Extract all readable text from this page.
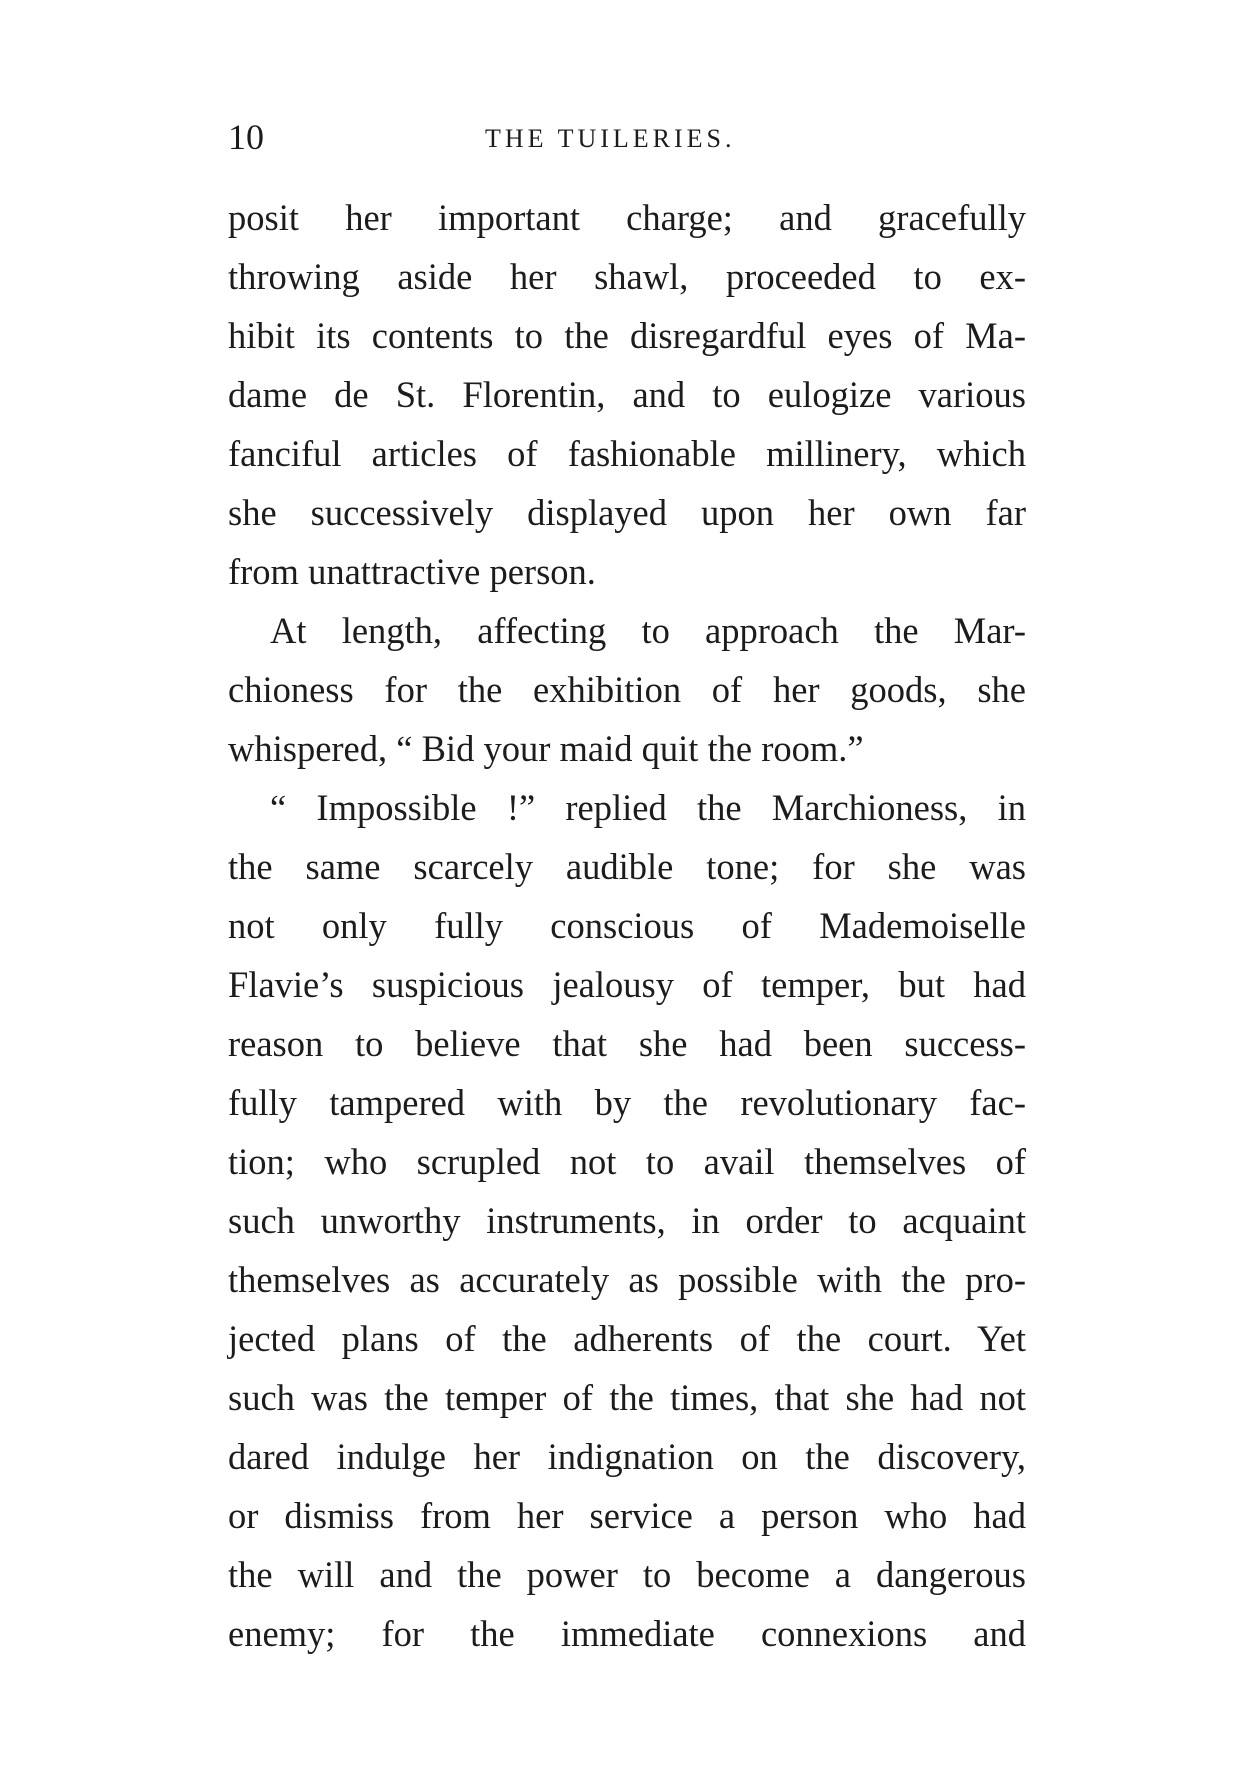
10	THE TUILERIES.
posit her important charge; and gracefully
throwing aside her shawl, proceeded to ex-
hibit its contents to the disregardful eyes of Ma-
dame de St. Florentin, and to eulogize various
fanciful articles of fashionable millinery, which
she successively displayed upon her own far
from unattractive person.
At length, affecting to approach the Mar-
chioness for the exhibition of her goods, she
whispered, “ Bid your maid quit the room.”
“ Impossible !” replied the Marchioness, in
the same scarcely audible tone; for she was
not only fully conscious of Mademoiselle
Flavie’s suspicious jealousy of temper, but had
reason to believe that she had been success-
fully tampered with by the revolutionary fac-
tion; who scrupled not to avail themselves of
such unworthy instruments, in order to acquaint
themselves as accurately as possible with the pro-
jected plans of the adherents of the court. Yet
such was the temper of the times, that she had not
dared indulge her indignation on the discovery,
or dismiss from her service a person who had
the will and the power to become a dangerous
enemy; for the immediate connexions and
